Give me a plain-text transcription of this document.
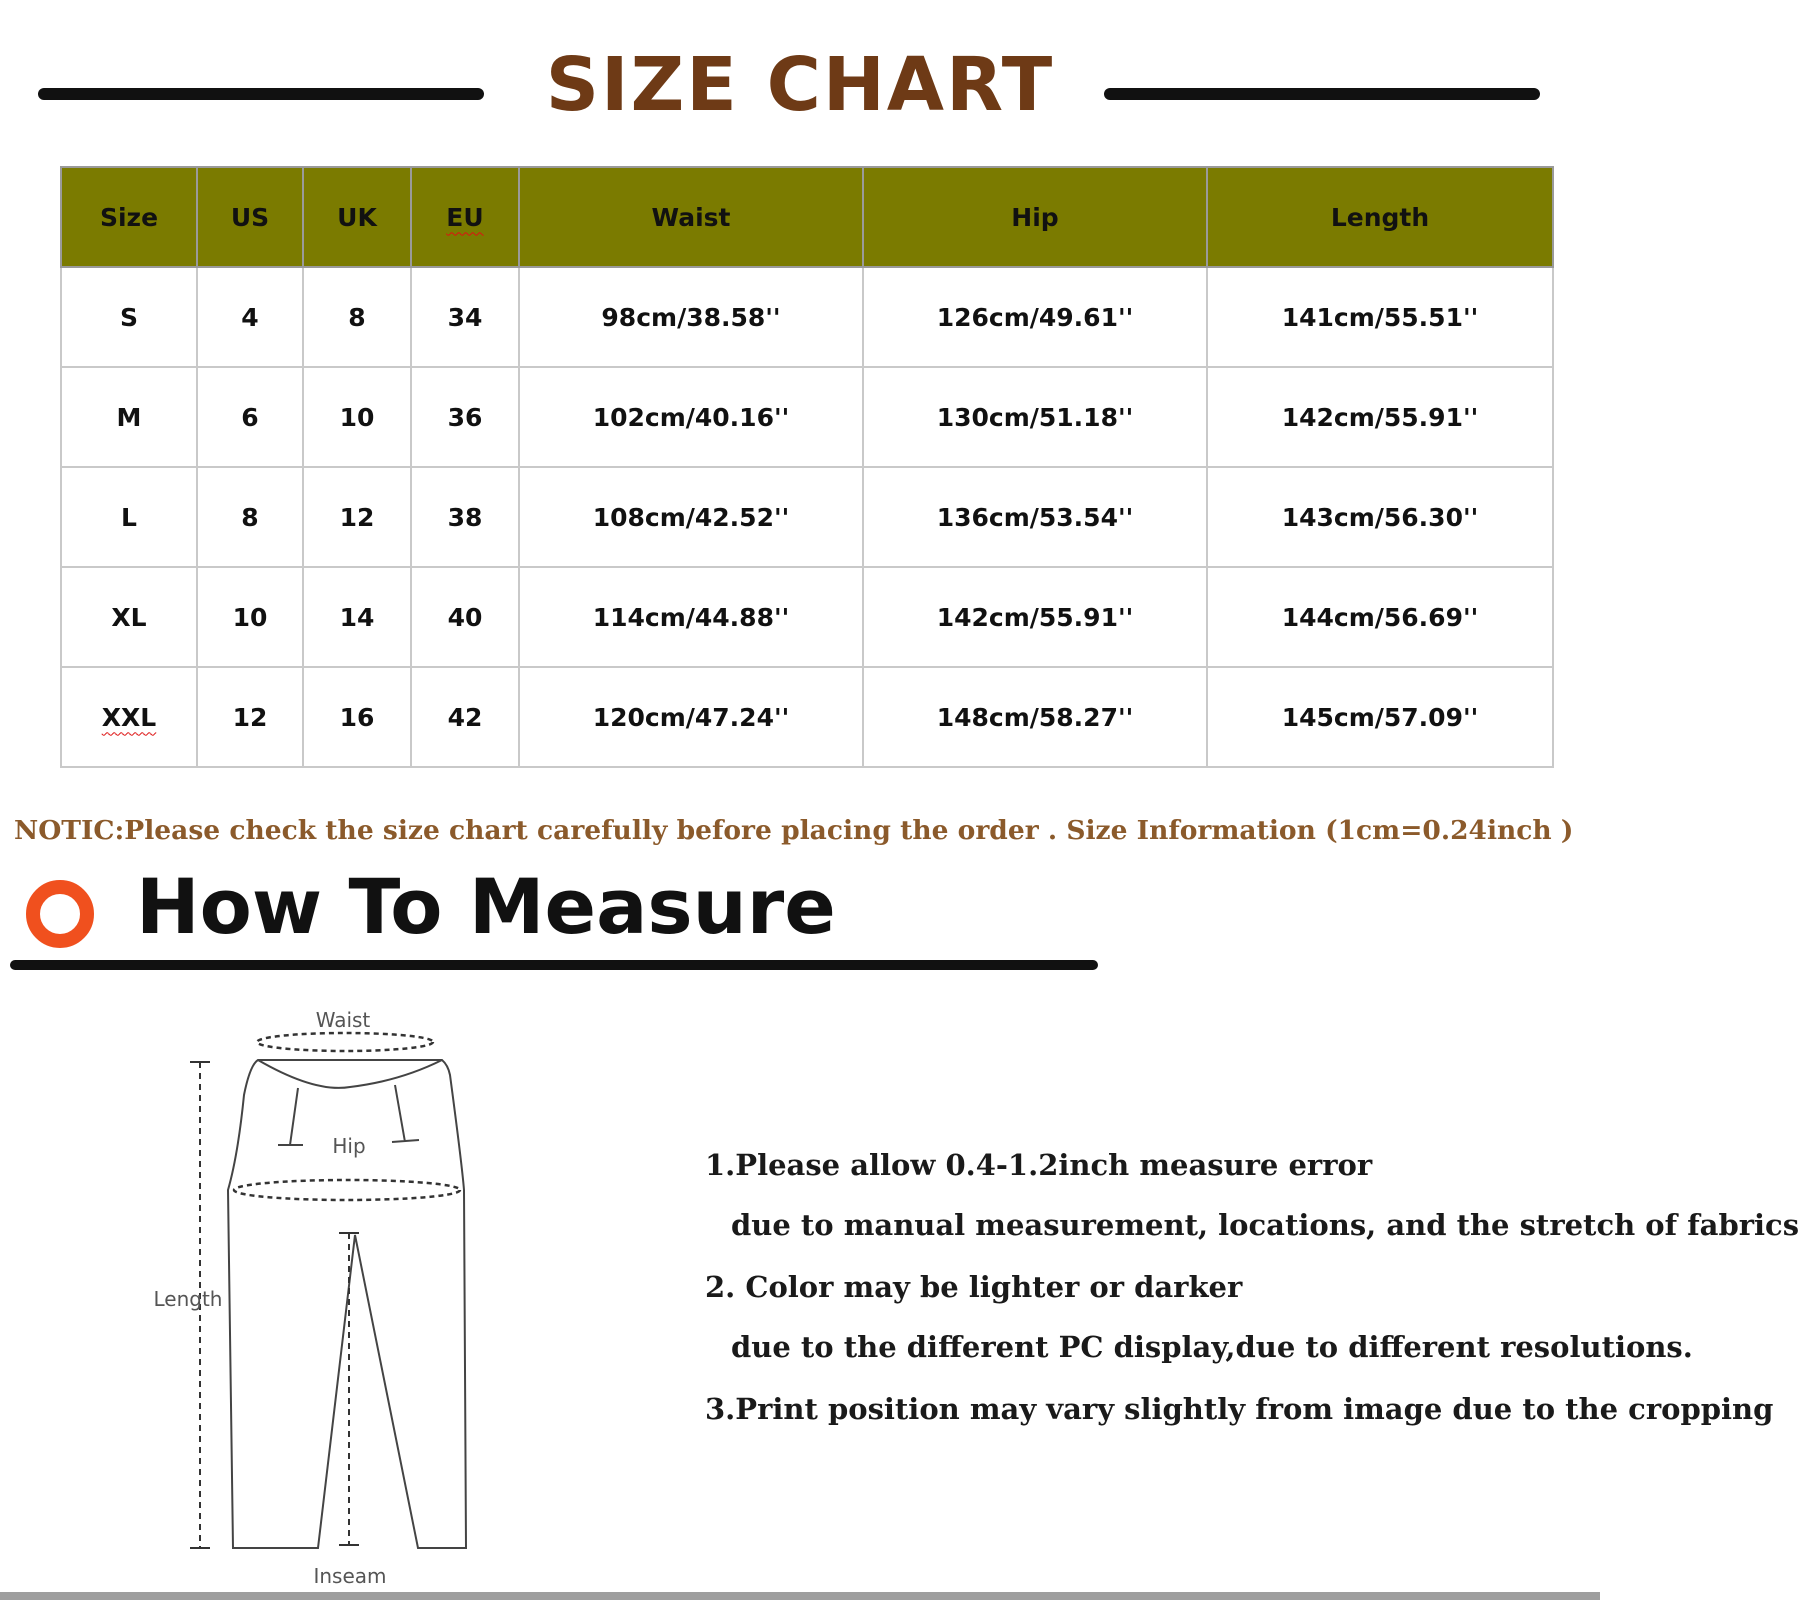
SIZE CHART
Size	US	UK	EU	Waist	Hip	Length
S	4	8	34	98cm/38.58''	126cm/49.61''	141cm/55.51''
M	6	10	36	102cm/40.16''	130cm/51.18''	142cm/55.91''
L	8	12	38	108cm/42.52''	136cm/53.54''	143cm/56.30''
XL	10	14	40	114cm/44.88''	142cm/55.91''	144cm/56.69''
XXL	12	16	42	120cm/47.24''	148cm/58.27''	145cm/57.09''
NOTIC:Please check the size chart carefully before placing the order . Size Information (1cm=0.24inch )
How To Measure
Waist
Hip
Length
Inseam
1.Please allow 0.4-1.2inch measure error
due to manual measurement, locations, and the stretch of fabrics
2. Color may be lighter or darker
due to the different PC display,due to different resolutions.
3.Print position may vary slightly from image due to the cropping
